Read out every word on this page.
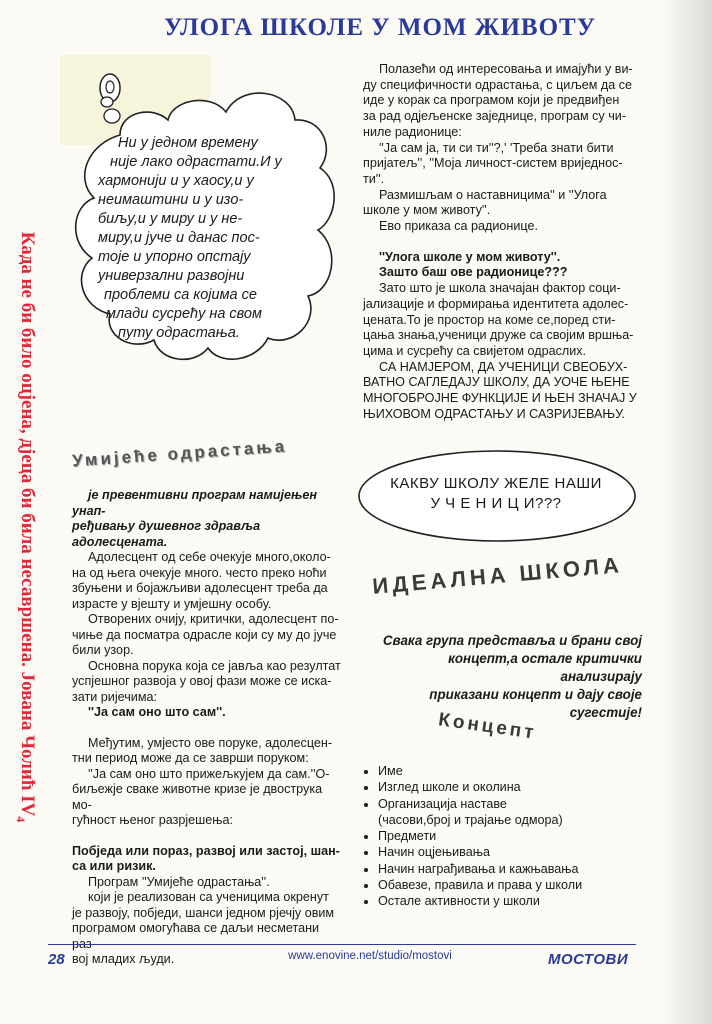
УЛОГА ШКОЛЕ У МОМ ЖИВОТУ
Када не би било оцјена, дјеца би била несавршена. Јована Чолић $IV_4$
Ни у једном времену
није лако одрастати.И у
хармонији и у хаосу,и у
неимаштини и у изо-
биљу,и у миру и у не-
миру,и јуче и данас пос-
тоје и упорно опстају
универзални развојни
проблеми са којима се
млади сусрећу на свом
путу одрастања.

Полазећи од интересовања и имајући у ви-

ду специфичности одрастања, с циљем да се

иде у корак са програмом који је предвиђен

за рад одјељенске заједнице, програм су чи-

ниле радионице:

''Ја сам ја, ти си ти''?,' 'Треба знати бити

пријатељ'', ''Моја личност-систем вриједнос-

ти''.

Размишљам о наставницима'' и ''Улога

школе у мом животу''.

Ево приказа са радионице.

''Улога школе у мом животу''.

Зашто баш ове радионице???

Зато што је школа значајан фактор соци-

јализације и формирања идентитета адолес-

цената.То је простор на коме се,поред сти-

цања знања,ученици друже са својим вршња-

цима и сусрећу са свијетом одраслих.

СА НАМЈЕРОМ, ДА УЧЕНИЦИ СВЕОБУХ-

ВАТНО САГЛЕДАЈУ ШКОЛУ, ДА УОЧЕ ЊЕНЕ

МНОГОБРОЈНЕ ФУНКЦИЈЕ И ЊЕН ЗНАЧАЈ У

ЊИХОВОМ ОДРАСТАЊУ И САЗРИЈЕВАЊУ.

Умијеће одрастања

је превентивни програм намијењен унап-

ређивању душевног здравља адолесцената.

Адолесцент од себе очекује много,около-

на од њега очекује много. често преко ноћи

збуњени и бојажљиви адолесцент треба да

израсте у вјешту и умјешну особу.

Отворених очију, критички, адолесцент по-

чиње да посматра одрасле који су му до јуче

били узор.

Основна порука која се јавља као резултат

успјешног развоја у овој фази може се иска-

зати ријечима:

''Ја сам оно што сам''.

Међутим, умјесто ове поруке, адолесцен-

тни период може да се заврши поруком:

''Ја сам оно што прижељкујем да сам.''О-

биљежје сваке животне кризе је двострука мо-

гућност њеног разрјешења:

Побједа или пораз, развој или застој, шан-

са или ризик.

Програм ''Умијеће одрастања''.

који је реализован са ученицима окренут

је развоју, побједи, шанси једном рјечју овим

програмом омогућава се даљи несметани раз-

вој младих људи.

КАКВУ ШКОЛУ ЖЕЛЕ НАШИ
У Ч Е Н И Ц И???
ИДЕАЛНА ШКОЛА
Свака група представља и брани свој
концепт,а остале критички анализирају
приказани концепт и дају своје сугестије!
Концепт
• Име
• Изглед школе и околина
• Организација наставе
(часови,број и трајање одмора)
• Предмети
• Начин оцјењивања
• Начин награђивања и кажњавања
• Обавезе, правила и права у школи
• Остале активности у школи
28	www.enovine.net/studio/mostovi	МОСТОВИ
